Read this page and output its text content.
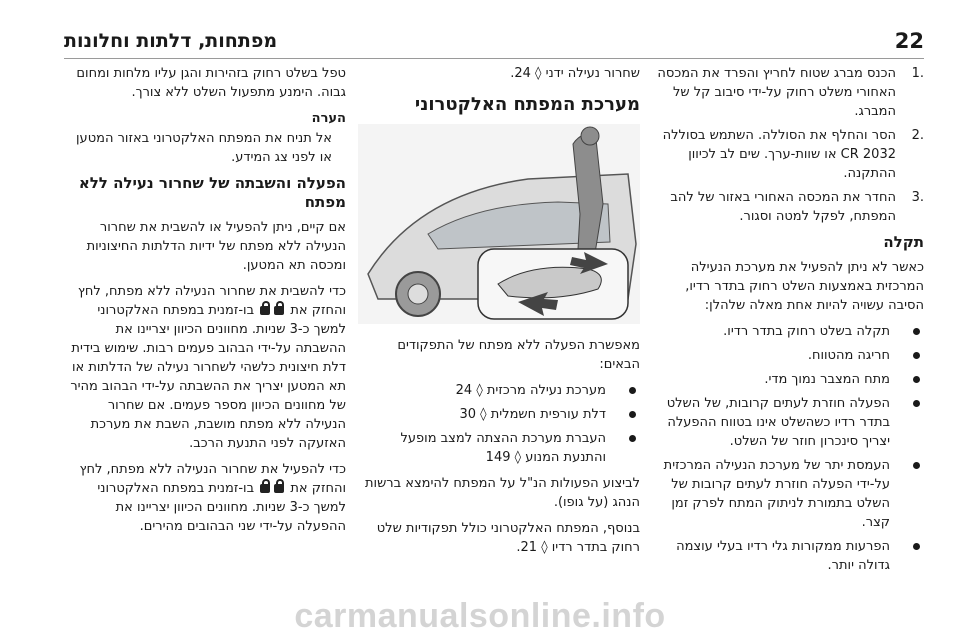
22
מפתחות, דלתות וחלונות
.1
הכנס מברג שטוח לחריץ והפרד את המכסה האחורי משלט רחוק על-ידי סיבוב קל של המברג.
.2
הסר והחלף את הסוללה. השתמש בסוללה CR 2032 או שוות-ערך. שים לב לכיוון ההתקנה.
.3
החדר את המכסה האחורי באזור של להב המפתח, לפקל למטה וסגור.
תקלה

כאשר לא ניתן להפעיל את מערכת הנעילה המרכזית באמצעות השלט רחוק בתדר רדיו, הסיבה עשויה להיות אחת מאלה שלהלן:

תקלה בשלט רחוק בתדר רדיו.
חריגה מהטווח.
מתח המצבר נמוך מדי.
הפעלה חוזרת לעתים קרובות, של השלט בתדר רדיו כשהשלט אינו בטווח ההפעלה יצריך סינכרון חוזר של השלט.
העמסת יתר של מערכת הנעילה המרכזית על-ידי הפעלה חוזרת לעתים קרובות של השלט בתמורת לניתוק המתח לפרק זמן קצר.
הפרעות ממקורות גלי רדיו בעלי עוצמה גדולה יותר.

שחרור נעילה ידני ◊ 24.

מערכת המפתח האלקטרוני

מאפשרת הפעלה ללא מפתח של התפקודים הבאים:

מערכת נעילה מרכזית ◊ 24
דלת עורפית חשמלית ◊ 30
העברת מערכת ההצתה למצב מופעל והתנעת המנוע ◊ 149

לביצוע הפעולות הנ"ל על המפתח להימצא ברשות הנהג (על גופו).

בנוסף, המפתח האלקטרוני כולל תפקודיות שלט רחוק בתדר רדיו ◊ 21.

טפל בשלט רחוק בזהירות והגן עליו מלחות ומחום גבוה. הימנע מתפעול השלט ללא צורך.

הערה

אל תניח את המפתח האלקטרוני באזור המטען או לפני צג המידע.

הפעלה והשבתה של שחרור נעילה ללא מפתח

אם קיים, ניתן להפעיל או להשבית את שחרור הנעילה ללא מפתח של ידיות הדלתות החיצוניות ומכסה תא המטען.

כדי להשבית את שחרור הנעילה ללא מפתח, לחץ והחזק את  בו-זמנית במפתח האלקטרוני למשך כ-3 שניות. מחוונים הכיוון יצריינו את ההשבתה על-ידי הבהוב פעמים רבות. שימוש בידית דלת חיצונית כלשהי לשחרור נעילה של הדלתות או תא המטען יצריך את ההשבתה על-ידי הבהוב מהיר של מחוונים הכיוון מספר פעמים. אם שחרור הנעילה ללא מפתח מושבת, השבת את מערכת האזעקה לפני התנעת הרכב.

כדי להפעיל את שחרור הנעילה ללא מפתח, לחץ והחזק את  בו-זמנית במפתח האלקטרוני למשך כ-3 שניות. מחוונים הכיוון יצריינו את ההפעלה על-ידי שני הבהובים מהירים.

carmanualsonline.info
